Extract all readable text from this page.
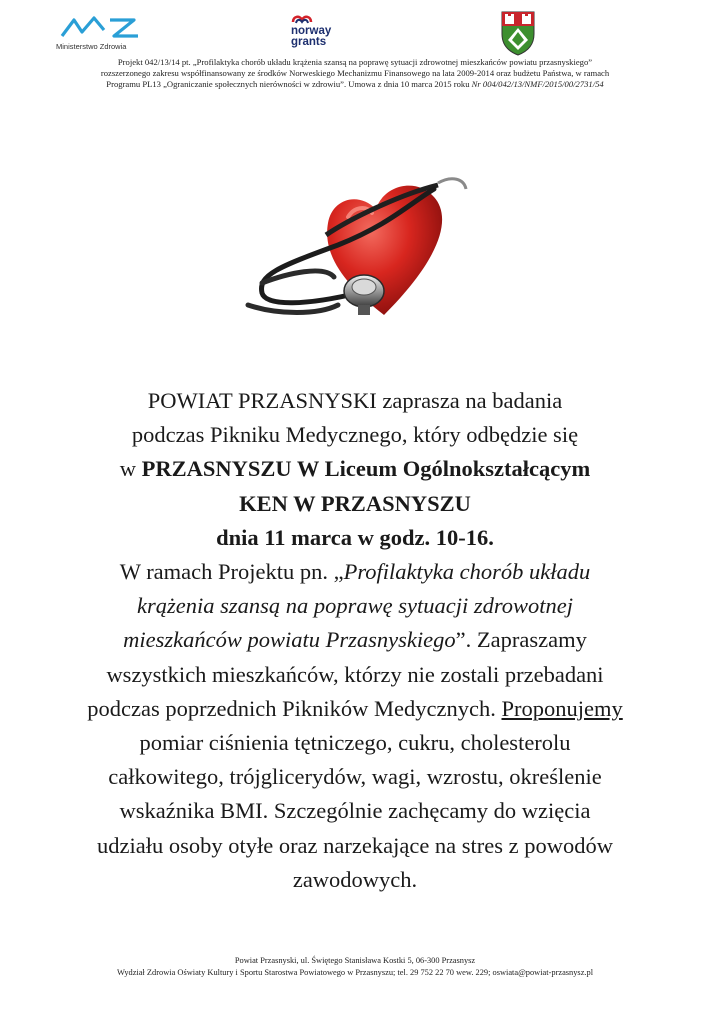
Ministerstwo Zdrowia
norway
grants
Projekt 042/13/14 pt. „Profilaktyka chorób układu krążenia szansą na poprawę sytuacji zdrowotnej mieszkańców powiatu przasnyskiego”
rozszerzonego zakresu współfinansowany ze środków Norweskiego Mechanizmu Finansowego na lata 2009-2014 oraz budżetu Państwa, w ramach
Programu PL13 „Ograniczanie społecznych nierówności w zdrowiu”. Umowa z dnia 10 marca 2015 roku Nr 004/042/13/NMF/2015/00/2731/54
POWIAT PRZASNYSKI zaprasza na badania
podczas Pikniku Medycznego, który odbędzie się
w PRZASNYSZU W Liceum Ogólnokształcącym
KEN W PRZASNYSZU
dnia 11 marca w godz. 10-16.
W ramach Projektu pn. „Profilaktyka chorób układu
krążenia szansą na poprawę sytuacji zdrowotnej
mieszkańców powiatu Przasnyskiego”. Zapraszamy
wszystkich mieszkańców, którzy nie zostali przebadani
podczas poprzednich Pikników Medycznych. Proponujemy
pomiar ciśnienia tętniczego, cukru, cholesterolu
całkowitego, trójglicerydów, wagi, wzrostu, określenie
wskaźnika BMI. Szczególnie zachęcamy do wzięcia
udziału osoby otyłe oraz narzekające na stres z powodów
zawodowych.
Powiat Przasnyski, ul. Świętego Stanisława Kostki 5, 06-300 Przasnysz
Wydział Zdrowia Oświaty Kultury i Sportu Starostwa Powiatowego w Przasnyszu; tel. 29 752 22 70 wew. 229; oswiata@powiat-przasnysz.pl
